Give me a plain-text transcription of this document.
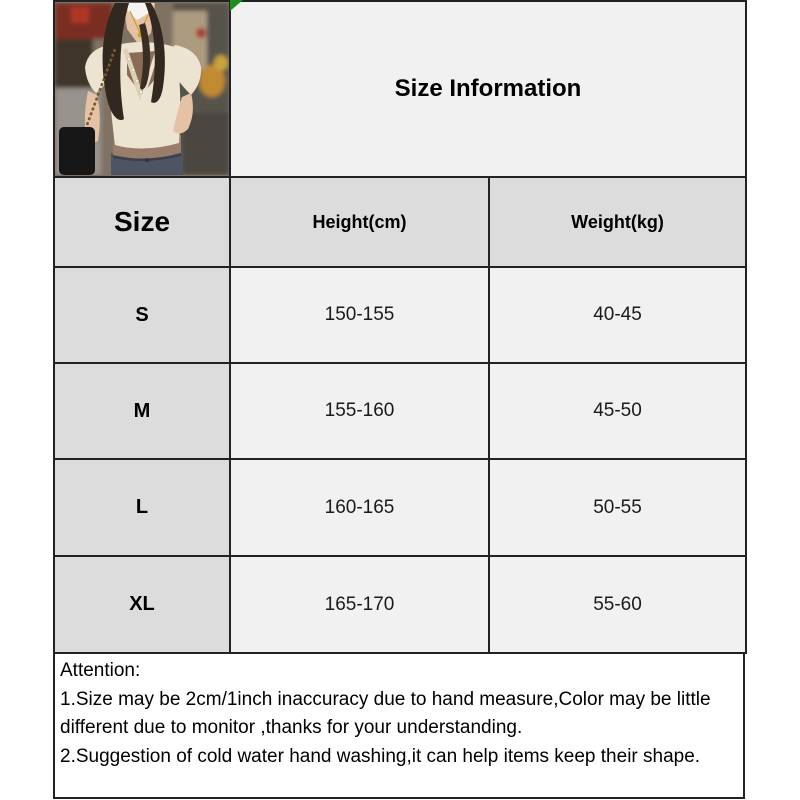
	Size Information	
Size	Height(cm)	Weight(kg)
S	150-155	40-45
M	155-160	45-50
L	160-165	50-55
XL	165-170	55-60
Attention:
1.Size may be 2cm/1inch inaccuracy due to hand measure,Color may be little different due to monitor ,thanks for your understanding.
2.Suggestion of cold water hand washing,it can help items keep their shape.
